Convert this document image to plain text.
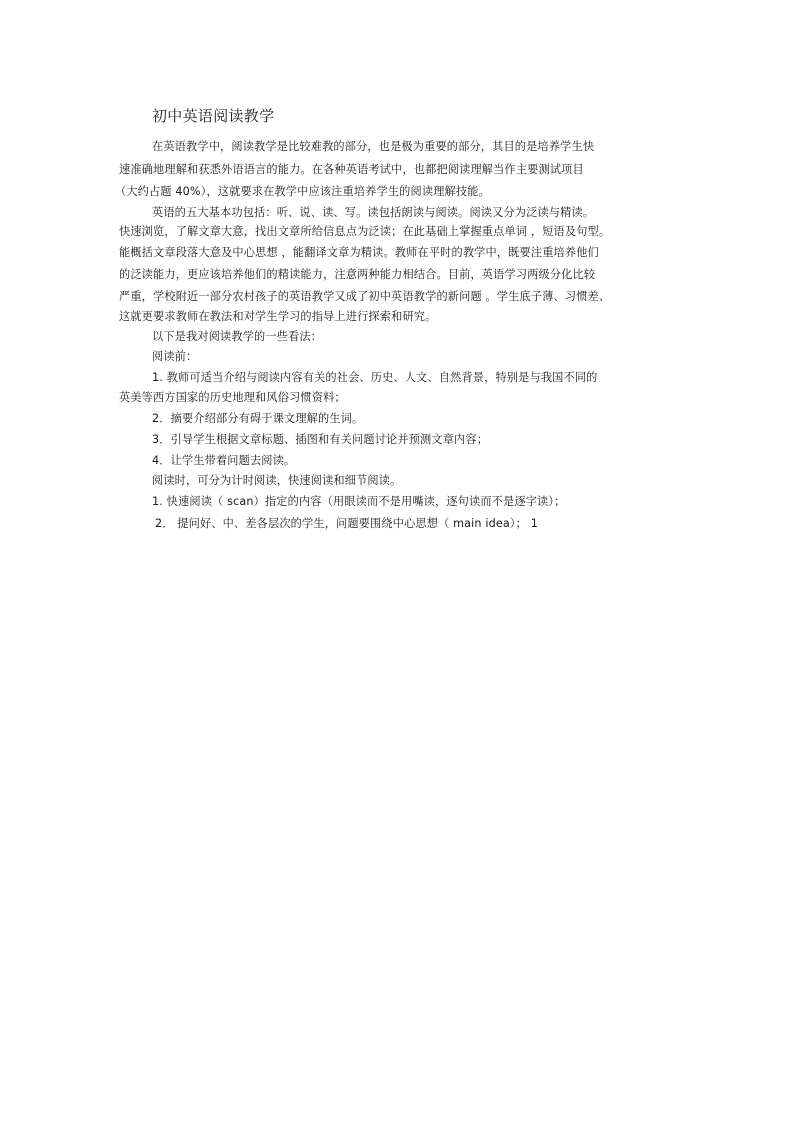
初中英语阅读教学
在英语教学中，阅读教学是比较难教的部分，也是极为重要的部分，其目的是培养学生快
速准确地理解和获悉外语语言的能力。在各种英语考试中，也都把阅读理解当作主要测试项目
（大约占题 40%），这就要求在教学中应该注重培养学生的阅读理解技能。
英语的五大基本功包括：听、说、读、写。读包括朗读与阅读。阅读又分为泛读与精读。
快速浏览，了解文章大意，找出文章所给信息点为泛读；在此基础上掌握重点单词 ，短语及句型。
能概括文章段落大意及中心思想 ，能翻译文章为精读。教师在平时的教学中，既要注重培养他们
的泛读能力，更应该培养他们的精读能力，注意两种能力相结合。目前，英语学习两级分化比较
严重，学校附近一部分农村孩子的英语教学又成了初中英语教学的新问题 。学生底子薄、习惯差、
这就更要求教师在教法和对学生学习的指导上进行探索和研究。
以下是我对阅读教学的一些看法：
阅读前：
1. 教师可适当介绍与阅读内容有关的社会、历史、人文、自然背景，特别是与我国不同的
英美等西方国家的历史地理和风俗习惯资料；
2．摘要介绍部分有碍于课文理解的生词。
3．引导学生根据文章标题、插图和有关问题讨论并预测文章内容；
4．让学生带着问题去阅读。
阅读时，可分为计时阅读，快速阅读和细节阅读。
1. 快速阅读（ scan）指定的内容（用眼读而不是用嘴读，逐句读而不是逐字读）；
2． 提问好、中、差各层次的学生，问题要围绕中心思想（ main idea）； 1
